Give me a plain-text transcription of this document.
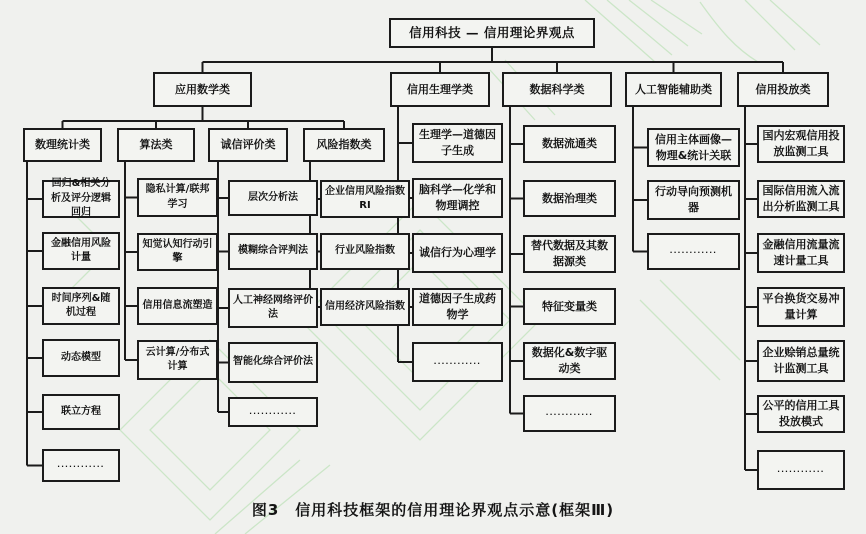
信用科技 — 信用理论界观点
应用数学类
数理统计类
回归&相关分析及评分逻辑回归
金融信用风险计量
时间序列&随机过程
动态模型
联立方程
............
算法类
隐私计算/联邦学习
知觉认知行动引擎
信用信息流塑造
云计算/分布式计算
诚信评价类
层次分析法
模糊综合评判法
人工神经网络评价法
智能化综合评价法
............
风险指数类
企业信用风险指数RI
行业风险指数
信用经济风险指数
信用生理学类
生理学—道德因子生成
脑科学—化学和物理调控
诚信行为心理学
道德因子生成药物学
............
数据科学类
数据流通类
数据治理类
替代数据及其数据源类
特征变量类
数据化&数字驱动类
............
人工智能辅助类
信用主体画像—物理&统计关联
行动导向预测机器
............
信用投放类
国内宏观信用投放监测工具
国际信用流入流出分析监测工具
金融信用流量流速计量工具
平台换货交易冲量计算
企业赊销总量统计监测工具
公平的信用工具投放模式
............
图3　信用科技框架的信用理论界观点示意(框架Ⅲ)
